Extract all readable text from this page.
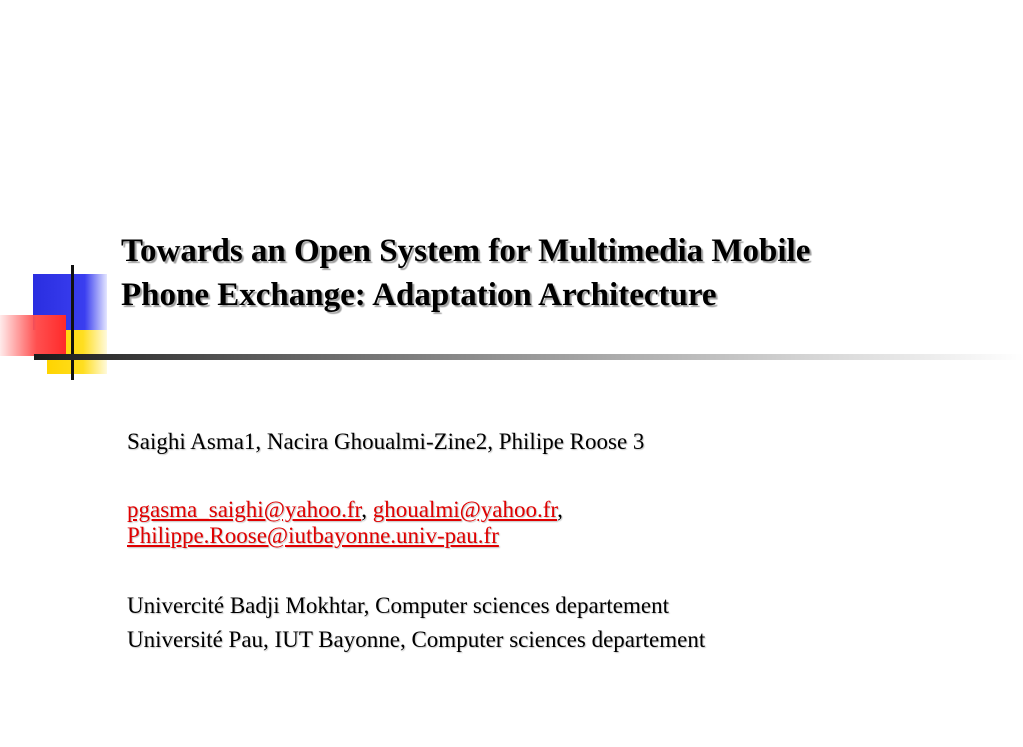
Towards an Open System for Multimedia Mobile
Phone Exchange: Adaptation Architecture
Saighi Asma1, Nacira Ghoualmi-Zine2, Philipe Roose 3
pgasma_saighi@yahoo.fr, ghoualmi@yahoo.fr,
Philippe.Roose@iutbayonne.univ-pau.fr
Univercité Badji Mokhtar, Computer sciences departement
Université Pau, IUT Bayonne, Computer sciences departement
